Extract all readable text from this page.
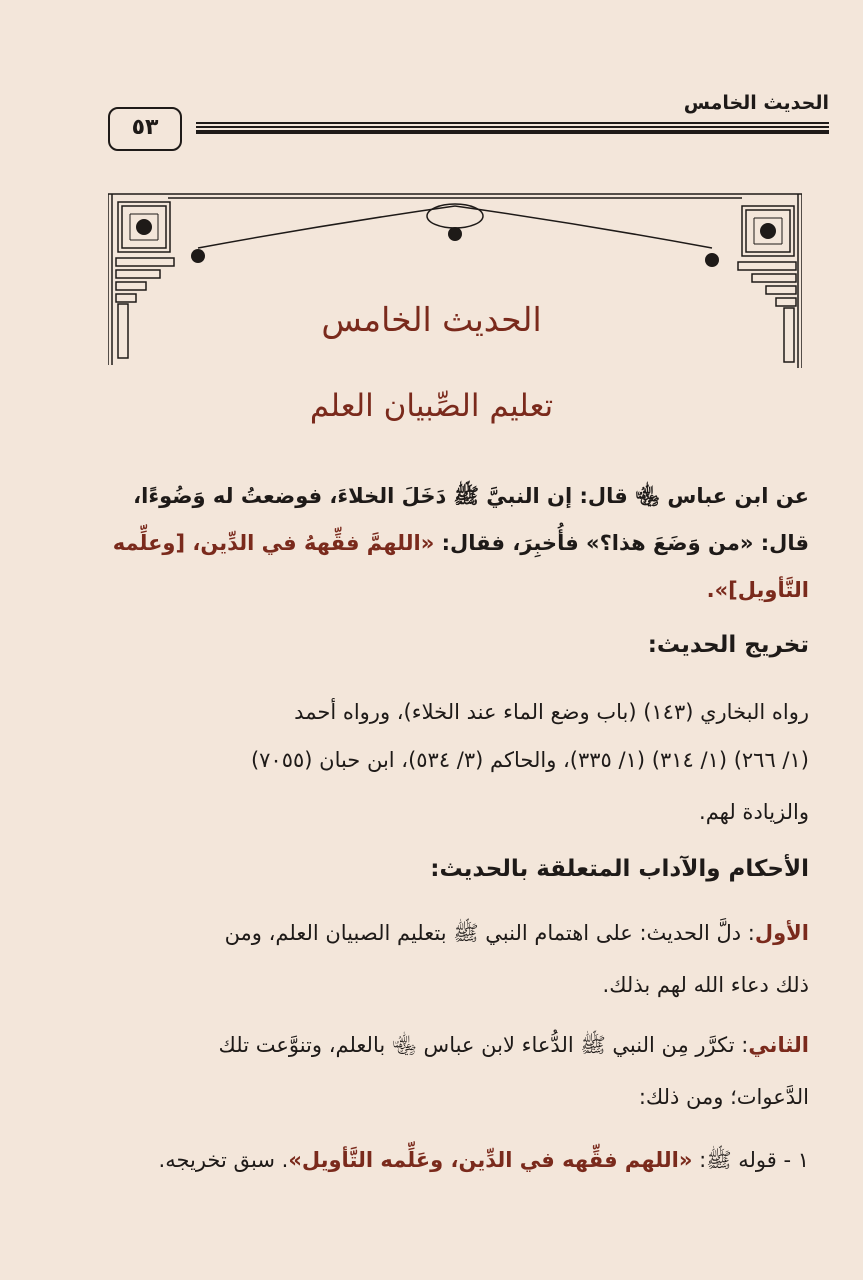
الحديث الخامس
٥٣
الحديث الخامس
تعليم الصِّبيان العلم
عن ابن عباس ﵄ قال: إن النبيَّ ﷺ دَخَلَ الخلاءَ، فوضعتُ له وَضُوءًا،
قال: «من وَضَعَ هذا؟» فأُخبِرَ، فقال: «اللهمَّ فقِّههُ في الدِّين، [وعلِّمه
التَّأويل]».
تخريج الحديث:
رواه البخاري (١٤٣) (باب وضع الماء عند الخلاء)، ورواه أحمد
(١/ ٢٦٦) (١/ ٣١٤) (١/ ٣٣٥)، والحاكم (٣/ ٥٣٤)، ابن حبان (٧٠٥٥)
والزيادة لهم.
الأحكام والآداب المتعلقة بالحديث:
الأول: دلَّ الحديث: على اهتمام النبي ﷺ بتعليم الصبيان العلم، ومن
ذلك دعاء الله لهم بذلك.
الثاني: تكرَّر مِن النبي ﷺ الدُّعاء لابن عباس ﵄ بالعلم، وتنوَّعت تلك
الدَّعوات؛ ومن ذلك:
١ - قوله ﷺ: «اللهم فقِّهه في الدِّين، وعَلِّمه التَّأويل». سبق تخريجه.
